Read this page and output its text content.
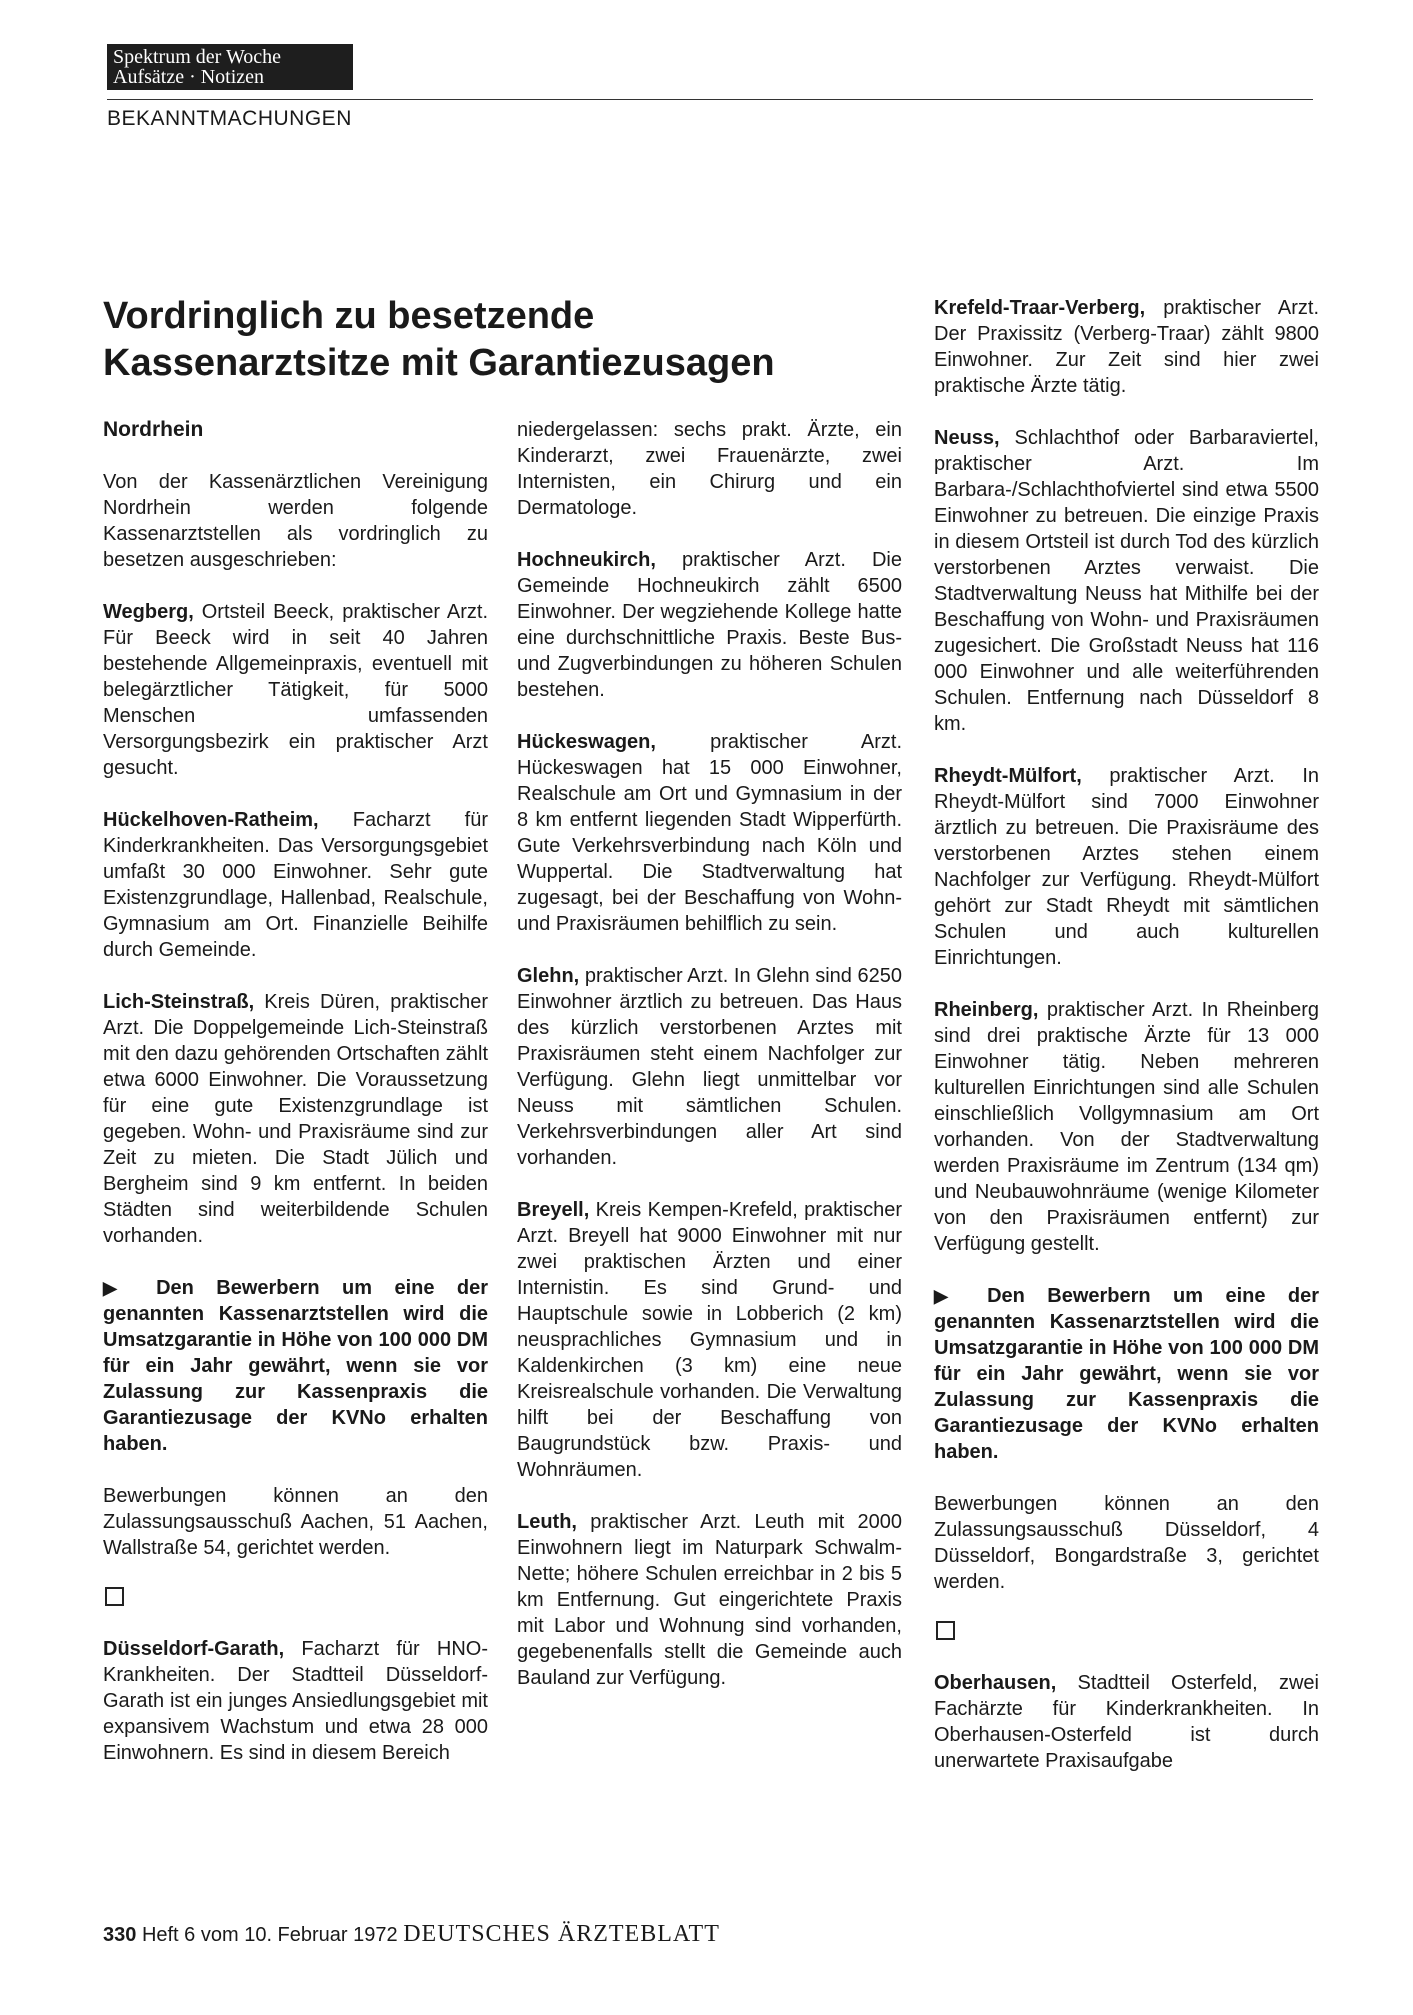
Spektrum der Woche
Aufsätze · Notizen
BEKANNTMACHUNGEN
Vordringlich zu besetzende
Kassenarztsitze mit Garantiezusagen
Nordrhein

Von der Kassenärztlichen Vereinigung Nordrhein werden folgende Kassenarztstellen als vordringlich zu besetzen ausgeschrieben:

Wegberg, Ortsteil Beeck, praktischer Arzt. Für Beeck wird in seit 40 Jahren bestehende Allgemeinpraxis, eventuell mit belegärztlicher Tätigkeit, für 5000 Menschen umfassenden Versorgungsbezirk ein praktischer Arzt gesucht.

Hückelhoven-Ratheim, Facharzt für Kinderkrankheiten. Das Versorgungsgebiet umfaßt 30 000 Einwohner. Sehr gute Existenzgrundlage, Hallenbad, Realschule, Gymnasium am Ort. Finanzielle Beihilfe durch Gemeinde.

Lich-Steinstraß, Kreis Düren, praktischer Arzt. Die Doppelgemeinde Lich-Steinstraß mit den dazu gehörenden Ortschaften zählt etwa 6000 Einwohner. Die Voraussetzung für eine gute Existenzgrundlage ist gegeben. Wohn- und Praxisräume sind zur Zeit zu mieten. Die Stadt Jülich und Bergheim sind 9 km entfernt. In beiden Städten sind weiterbildende Schulen vorhanden.

▶ Den Bewerbern um eine der genannten Kassenarztstellen wird die Umsatzgarantie in Höhe von 100 000 DM für ein Jahr gewährt, wenn sie vor Zulassung zur Kassenpraxis die Garantiezusage der KVNo erhalten haben.

Bewerbungen können an den Zulassungsausschuß Aachen, 51 Aachen, Wallstraße 54, gerichtet werden.

Düsseldorf-Garath, Facharzt für HNO-Krankheiten. Der Stadtteil Düsseldorf-Garath ist ein junges Ansiedlungsgebiet mit expansivem Wachstum und etwa 28 000 Einwohnern. Es sind in diesem Bereich

niedergelassen: sechs prakt. Ärzte, ein Kinderarzt, zwei Frauenärzte, zwei Internisten, ein Chirurg und ein Dermatologe.

Hochneukirch, praktischer Arzt. Die Gemeinde Hochneukirch zählt 6500 Einwohner. Der wegziehende Kollege hatte eine durchschnittliche Praxis. Beste Bus- und Zugverbindungen zu höheren Schulen bestehen.

Hückeswagen, praktischer Arzt. Hückeswagen hat 15 000 Einwohner, Realschule am Ort und Gymnasium in der 8 km entfernt liegenden Stadt Wipperfürth. Gute Verkehrsverbindung nach Köln und Wuppertal. Die Stadtverwaltung hat zugesagt, bei der Beschaffung von Wohn- und Praxisräumen behilflich zu sein.

Glehn, praktischer Arzt. In Glehn sind 6250 Einwohner ärztlich zu betreuen. Das Haus des kürzlich verstorbenen Arztes mit Praxisräumen steht einem Nachfolger zur Verfügung. Glehn liegt unmittelbar vor Neuss mit sämtlichen Schulen. Verkehrsverbindungen aller Art sind vorhanden.

Breyell, Kreis Kempen-Krefeld, praktischer Arzt. Breyell hat 9000 Einwohner mit nur zwei praktischen Ärzten und einer Internistin. Es sind Grund- und Hauptschule sowie in Lobberich (2 km) neusprachliches Gymnasium und in Kaldenkirchen (3 km) eine neue Kreisrealschule vorhanden. Die Verwaltung hilft bei der Beschaffung von Baugrundstück bzw. Praxis- und Wohnräumen.

Leuth, praktischer Arzt. Leuth mit 2000 Einwohnern liegt im Naturpark Schwalm-Nette; höhere Schulen erreichbar in 2 bis 5 km Entfernung. Gut eingerichtete Praxis mit Labor und Wohnung sind vorhanden, gegebenenfalls stellt die Gemeinde auch Bauland zur Verfügung.

Krefeld-Traar-Verberg, praktischer Arzt. Der Praxissitz (Verberg-Traar) zählt 9800 Einwohner. Zur Zeit sind hier zwei praktische Ärzte tätig.

Neuss, Schlachthof oder Barbaraviertel, praktischer Arzt. Im Barbara-/Schlachthofviertel sind etwa 5500 Einwohner zu betreuen. Die einzige Praxis in diesem Ortsteil ist durch Tod des kürzlich verstorbenen Arztes verwaist. Die Stadtverwaltung Neuss hat Mithilfe bei der Beschaffung von Wohn- und Praxisräumen zugesichert. Die Großstadt Neuss hat 116 000 Einwohner und alle weiterführenden Schulen. Entfernung nach Düsseldorf 8 km.

Rheydt-Mülfort, praktischer Arzt. In Rheydt-Mülfort sind 7000 Einwohner ärztlich zu betreuen. Die Praxisräume des verstorbenen Arztes stehen einem Nachfolger zur Verfügung. Rheydt-Mülfort gehört zur Stadt Rheydt mit sämtlichen Schulen und auch kulturellen Einrichtungen.

Rheinberg, praktischer Arzt. In Rheinberg sind drei praktische Ärzte für 13 000 Einwohner tätig. Neben mehreren kulturellen Einrichtungen sind alle Schulen einschließlich Vollgymnasium am Ort vorhanden. Von der Stadtverwaltung werden Praxisräume im Zentrum (134 qm) und Neubauwohnräume (wenige Kilometer von den Praxisräumen entfernt) zur Verfügung gestellt.

▶ Den Bewerbern um eine der genannten Kassenarztstellen wird die Umsatzgarantie in Höhe von 100 000 DM für ein Jahr gewährt, wenn sie vor Zulassung zur Kassenpraxis die Garantiezusage der KVNo erhalten haben.

Bewerbungen können an den Zulassungsausschuß Düsseldorf, 4 Düsseldorf, Bongardstraße 3, gerichtet werden.

Oberhausen, Stadtteil Osterfeld, zwei Fachärzte für Kinderkrankheiten. In Oberhausen-Osterfeld ist durch unerwartete Praxisaufgabe

330 Heft 6 vom 10. Februar 1972 DEUTSCHES ÄRZTEBLATT
